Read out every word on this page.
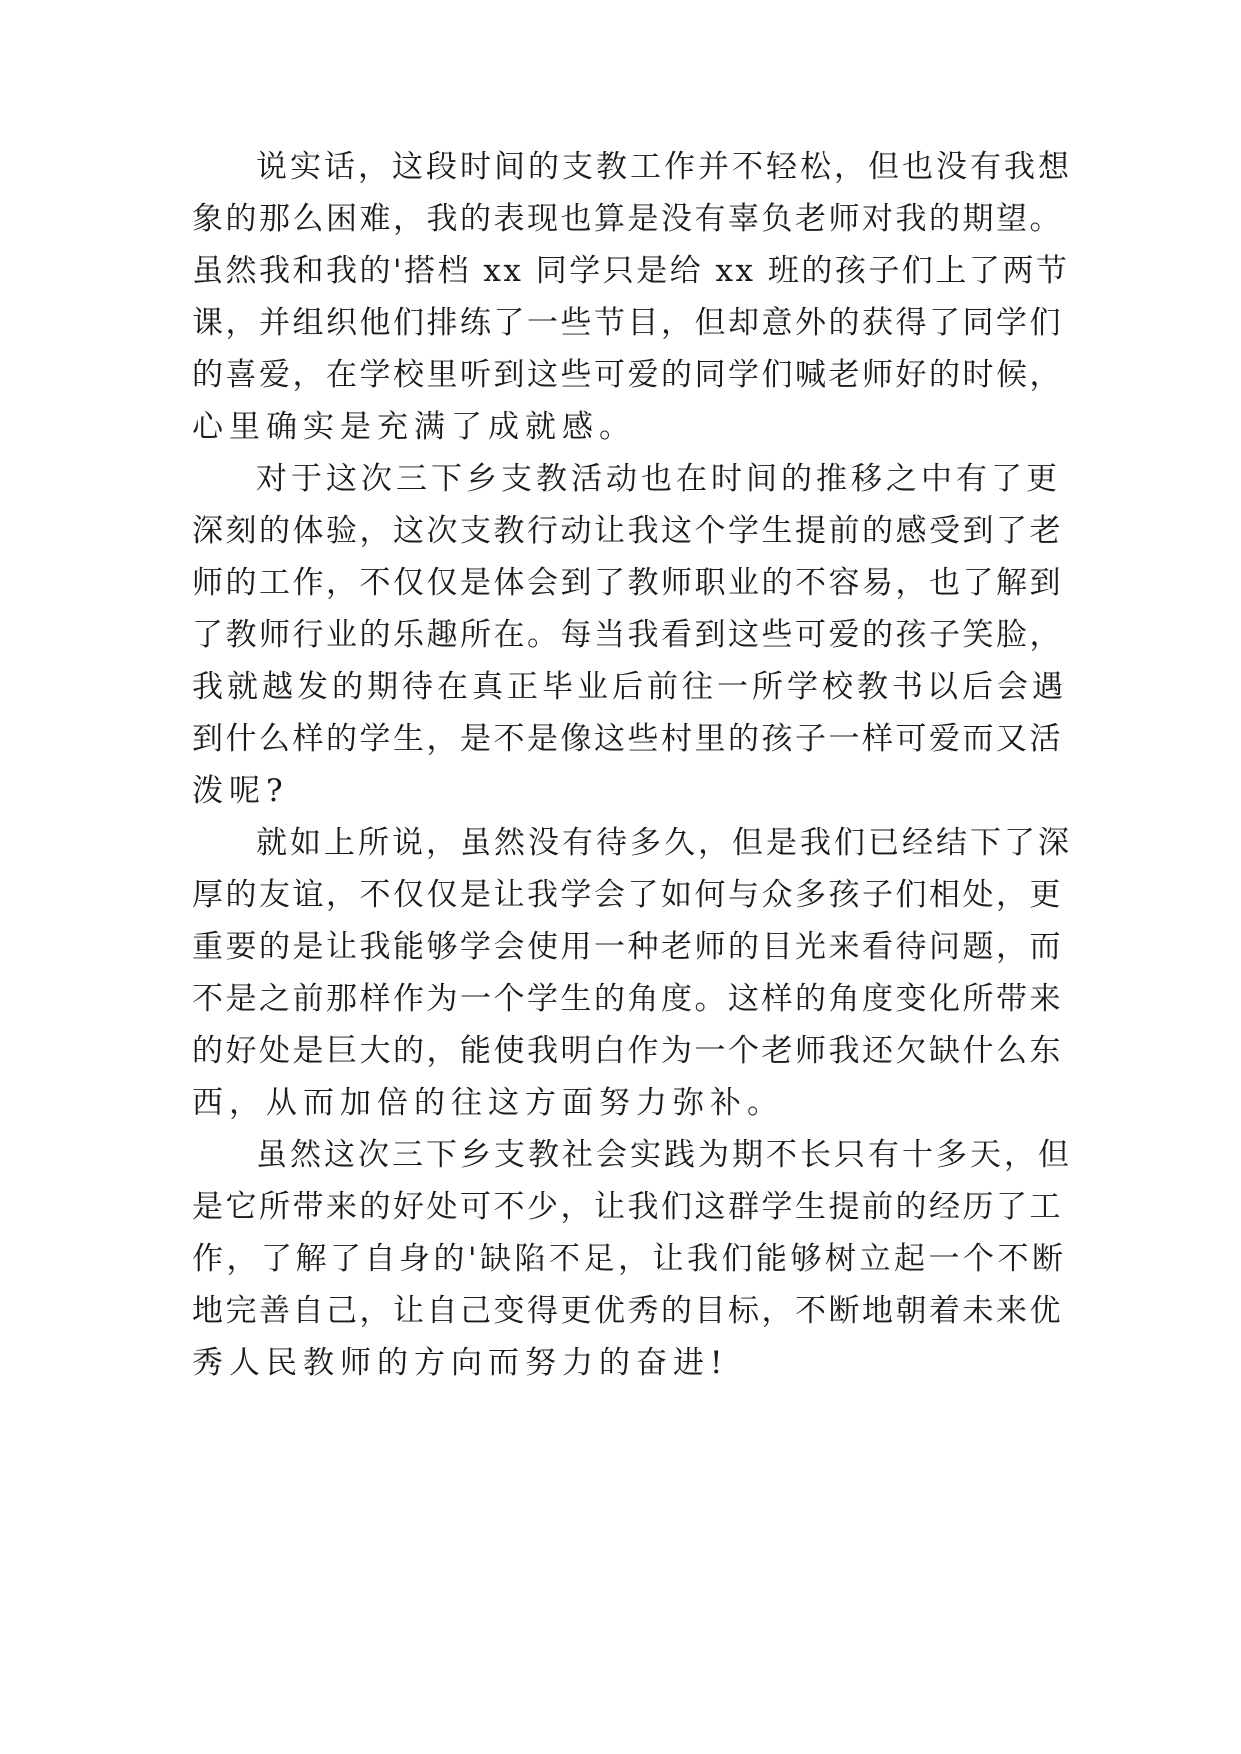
说实话，这段时间的支教工作并不轻松，但也没有我想

象的那么困难，我的表现也算是没有辜负老师对我的期望。

虽然我和我的'搭档 xx 同学只是给 xx 班的孩子们上了两节

课，并组织他们排练了一些节目，但却意外的获得了同学们

的喜爱，在学校里听到这些可爱的同学们喊老师好的时候，

心里确实是充满了成就感。

对于这次三下乡支教活动也在时间的推移之中有了更

深刻的体验，这次支教行动让我这个学生提前的感受到了老

师的工作，不仅仅是体会到了教师职业的不容易，也了解到

了教师行业的乐趣所在。每当我看到这些可爱的孩子笑脸，

我就越发的期待在真正毕业后前往一所学校教书以后会遇

到什么样的学生，是不是像这些村里的孩子一样可爱而又活

泼呢?

就如上所说，虽然没有待多久，但是我们已经结下了深

厚的友谊，不仅仅是让我学会了如何与众多孩子们相处，更

重要的是让我能够学会使用一种老师的目光来看待问题，而

不是之前那样作为一个学生的角度。这样的角度变化所带来

的好处是巨大的，能使我明白作为一个老师我还欠缺什么东

西，从而加倍的往这方面努力弥补。

虽然这次三下乡支教社会实践为期不长只有十多天，但

是它所带来的好处可不少，让我们这群学生提前的经历了工

作，了解了自身的'缺陷不足，让我们能够树立起一个不断

地完善自己，让自己变得更优秀的目标，不断地朝着未来优

秀人民教师的方向而努力的奋进!
